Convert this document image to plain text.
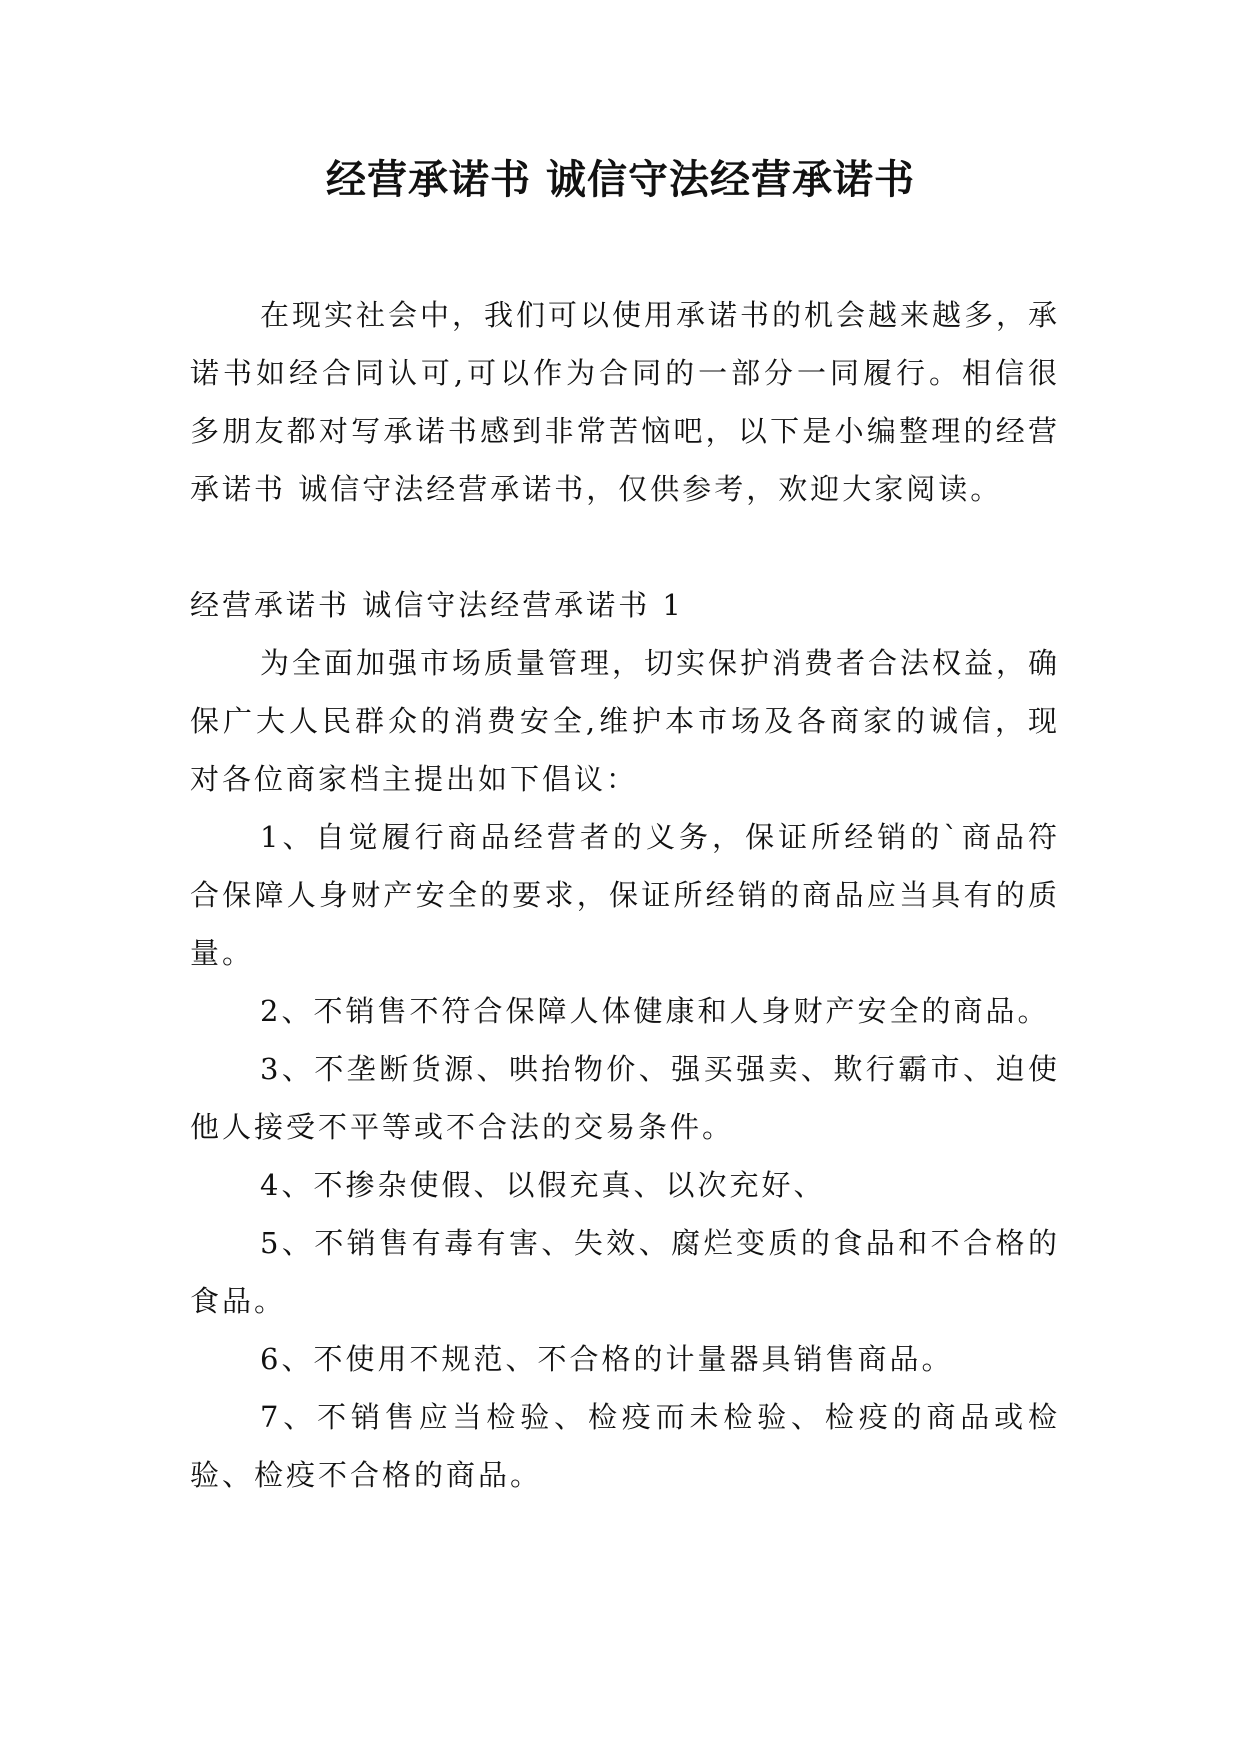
经营承诺书 诚信守法经营承诺书

在现实社会中，我们可以使用承诺书的机会越来越多，承诺书如经合同认可,可以作为合同的一部分一同履行。相信很多朋友都对写承诺书感到非常苦恼吧，以下是小编整理的经营承诺书 诚信守法经营承诺书，仅供参考，欢迎大家阅读。

经营承诺书 诚信守法经营承诺书 1

为全面加强市场质量管理，切实保护消费者合法权益，确保广大人民群众的消费安全,维护本市场及各商家的诚信，现对各位商家档主提出如下倡议：

1、自觉履行商品经营者的义务，保证所经销的`商品符合保障人身财产安全的要求，保证所经销的商品应当具有的质量。

2、不销售不符合保障人体健康和人身财产安全的商品。

3、不垄断货源、哄抬物价、强买强卖、欺行霸市、迫使他人接受不平等或不合法的交易条件。

4、不掺杂使假、以假充真、以次充好、

5、不销售有毒有害、失效、腐烂变质的食品和不合格的食品。

6、不使用不规范、不合格的计量器具销售商品。

7、不销售应当检验、检疫而未检验、检疫的商品或检验、检疫不合格的商品。
